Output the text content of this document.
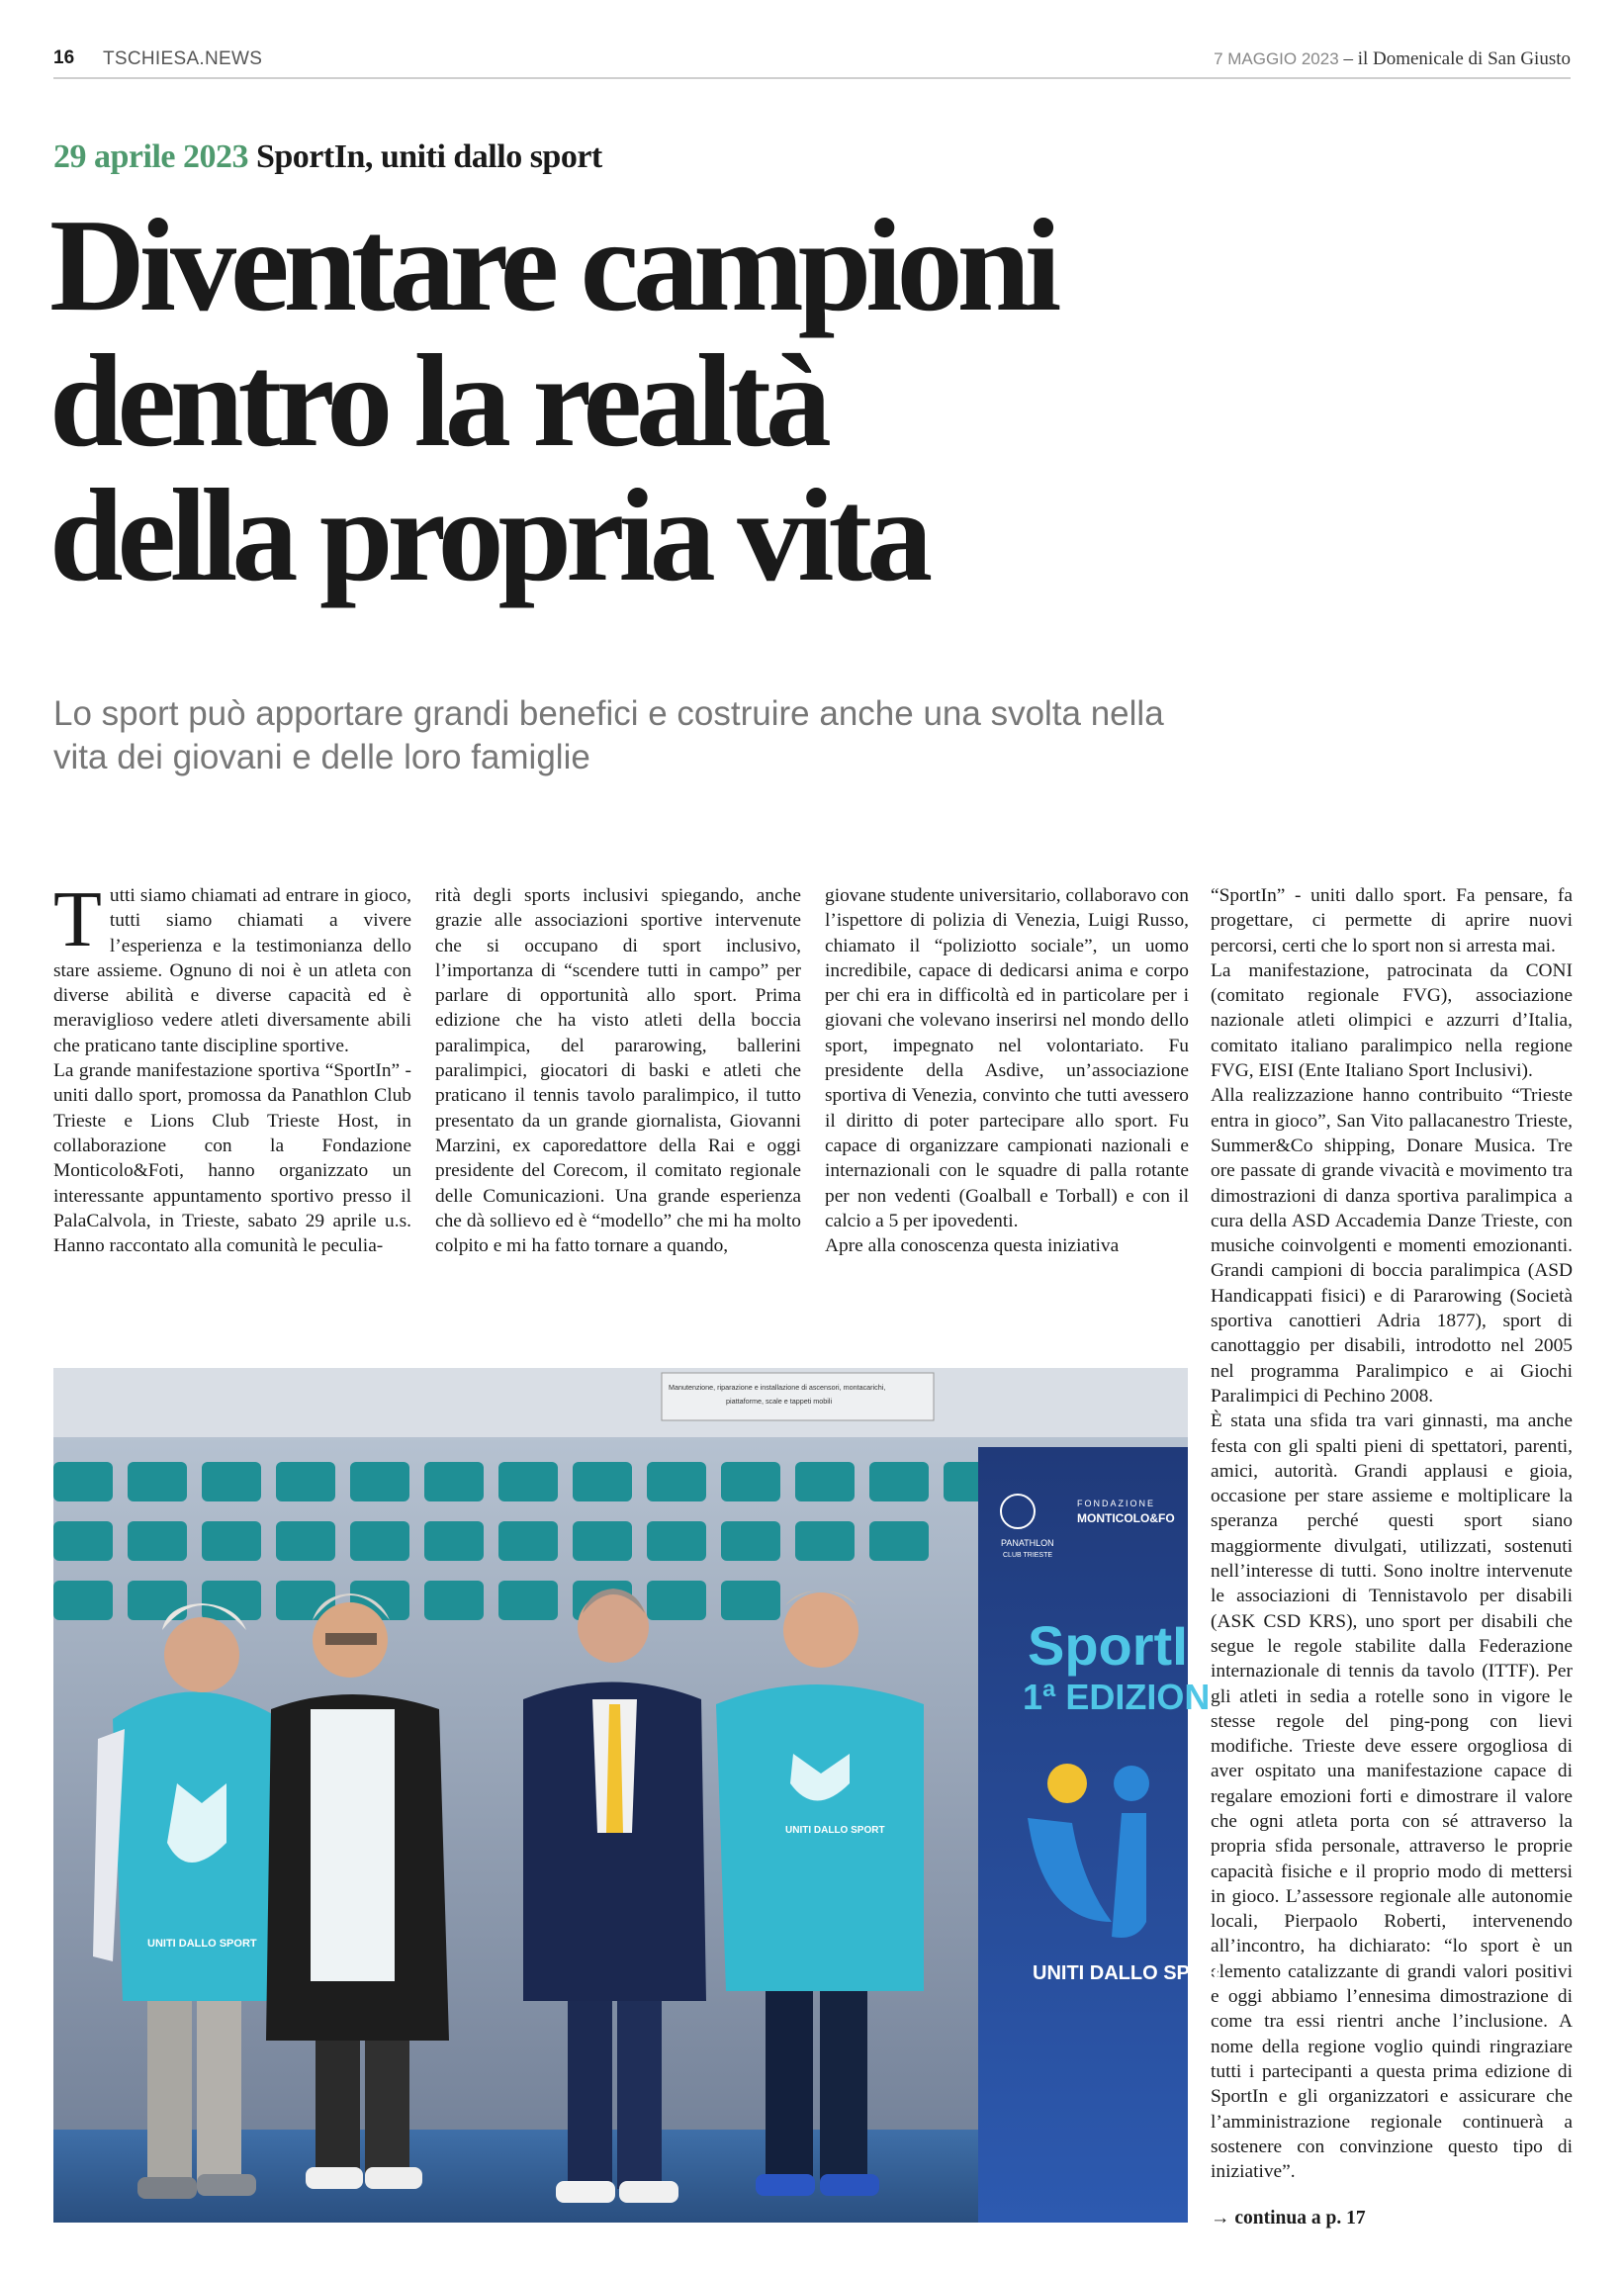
16 TSCHIESA.NEWS	7 MAGGIO 2023 – il Domenicale di San Giusto
29 aprile 2023 SportIn, uniti dallo sport
Diventare campioni
dentro la realtà
della propria vita
Lo sport può apportare grandi benefici e costruire anche una svolta nella vita dei giovani e delle loro famiglie

Tutti siamo chiamati ad entrare in gioco, tutti siamo chiamati a vivere l’esperienza e la testimonianza dello stare assieme. Ognuno di noi è un atleta con diverse abilità e diverse capacità ed è meraviglioso vedere atleti diversamente abili che praticano tante discipline sportive.

La grande manifestazione sportiva “SportIn” - uniti dallo sport, promossa da Panathlon Club Trieste e Lions Club Trieste Host, in collaborazione con la Fondazione Monticolo&Foti, hanno organizzato un interessante appuntamento sportivo presso il PalaCalvola, in Trieste, sabato 29 aprile u.s. Hanno raccontato alla comunità le peculia-

rità degli sports inclusivi spiegando, anche grazie alle associazioni sportive intervenute che si occupano di sport inclusivo, l’importanza di “scendere tutti in campo” per parlare di opportunità allo sport. Prima edizione che ha visto atleti della boccia paralimpica, del pararowing, ballerini paralimpici, giocatori di baski e atleti che praticano il tennis tavolo paralimpico, il tutto presentato da un grande giornalista, Giovanni Marzini, ex caporedattore della Rai e oggi presidente del Corecom, il comitato regionale delle Comunicazioni. Una grande esperienza che dà sollievo ed è “modello” che mi ha molto colpito e mi ha fatto tornare a quando,

giovane studente universitario, collaboravo con l’ispettore di polizia di Venezia, Luigi Russo, chiamato il “poliziotto sociale”, un uomo incredibile, capace di dedicarsi anima e corpo per chi era in difficoltà ed in particolare per i giovani che volevano inserirsi nel mondo dello sport, impegnato nel volontariato. Fu presidente della Asdive, un’associazione sportiva di Venezia, convinto che tutti avessero il diritto di poter partecipare allo sport. Fu capace di organizzare campionati nazionali e internazionali con le squadre di palla rotante per non vedenti (Goalball e Torball) e con il calcio a 5 per ipovedenti.

Apre alla conoscenza questa iniziativa

“SportIn” - uniti dallo sport. Fa pensare, fa progettare, ci permette di aprire nuovi percorsi, certi che lo sport non si arresta mai.

La manifestazione, patrocinata da CONI (comitato regionale FVG), associazione nazionale atleti olimpici e azzurri d’Italia, comitato italiano paralimpico nella regione FVG, EISI (Ente Italiano Sport Inclusivi).

Alla realizzazione hanno contribuito “Trieste entra in gioco”, San Vito pallacanestro Trieste, Summer&Co shipping, Donare Musica. Tre ore passate di grande vivacità e movimento tra dimostrazioni di danza sportiva paralimpica a cura della ASD Accademia Danze Trieste, con musiche coinvolgenti e momenti emozionanti. Grandi campioni di boccia paralimpica (ASD Handicappati fisici) e di Pararowing (Società sportiva canottieri Adria 1877), sport di canottaggio per disabili, introdotto nel 2005 nel programma Paralimpico e ai Giochi Paralimpici di Pechino 2008.

È stata una sfida tra vari ginnasti, ma anche festa con gli spalti pieni di spettatori, parenti, amici, autorità. Grandi applausi e gioia, occasione per stare assieme e moltiplicare la speranza perché questi sport siano maggiormente divulgati, utilizzati, sostenuti nell’interesse di tutti. Sono inoltre intervenute le associazioni di Tennistavolo per disabili (ASK CSD KRS), uno sport per disabili che segue le regole stabilite dalla Federazione internazionale di tennis da tavolo (ITTF). Per gli atleti in sedia a rotelle sono in vigore le stesse regole del ping-pong con lievi modifiche. Trieste deve essere orgogliosa di aver ospitato una manifestazione capace di regalare emozioni forti e dimostrare il valore che ogni atleta porta con sé attraverso la propria sfida personale, attraverso le proprie capacità fisiche e il proprio modo di mettersi in gioco. L’assessore regionale alle autonomie locali, Pierpaolo Roberti, intervenendo all’incontro, ha dichiarato: “lo sport è un elemento catalizzante di grandi valori positivi e oggi abbiamo l’ennesima dimostrazione di come tra essi rientri anche l’inclusione. A nome della regione voglio quindi ringraziare tutti i partecipanti a questa prima edizione di SportIn e gli organizzatori e assicurare che l’amministrazione regionale continuerà a sostenere con convinzione questo tipo di iniziative”.

Manutenzione, riparazione e installazione di ascensori, montacarichi,
piattaforme, scale e tappeti mobili
PANATHLON
CLUB TRIESTE
FONDAZIONE
MONTICOLO&FO
SportI
1ª EDIZION
UNITI DALLO SPOR
UNITI DALLO SPORT
UNITI DALLO SPORT
→ continua a p. 17
